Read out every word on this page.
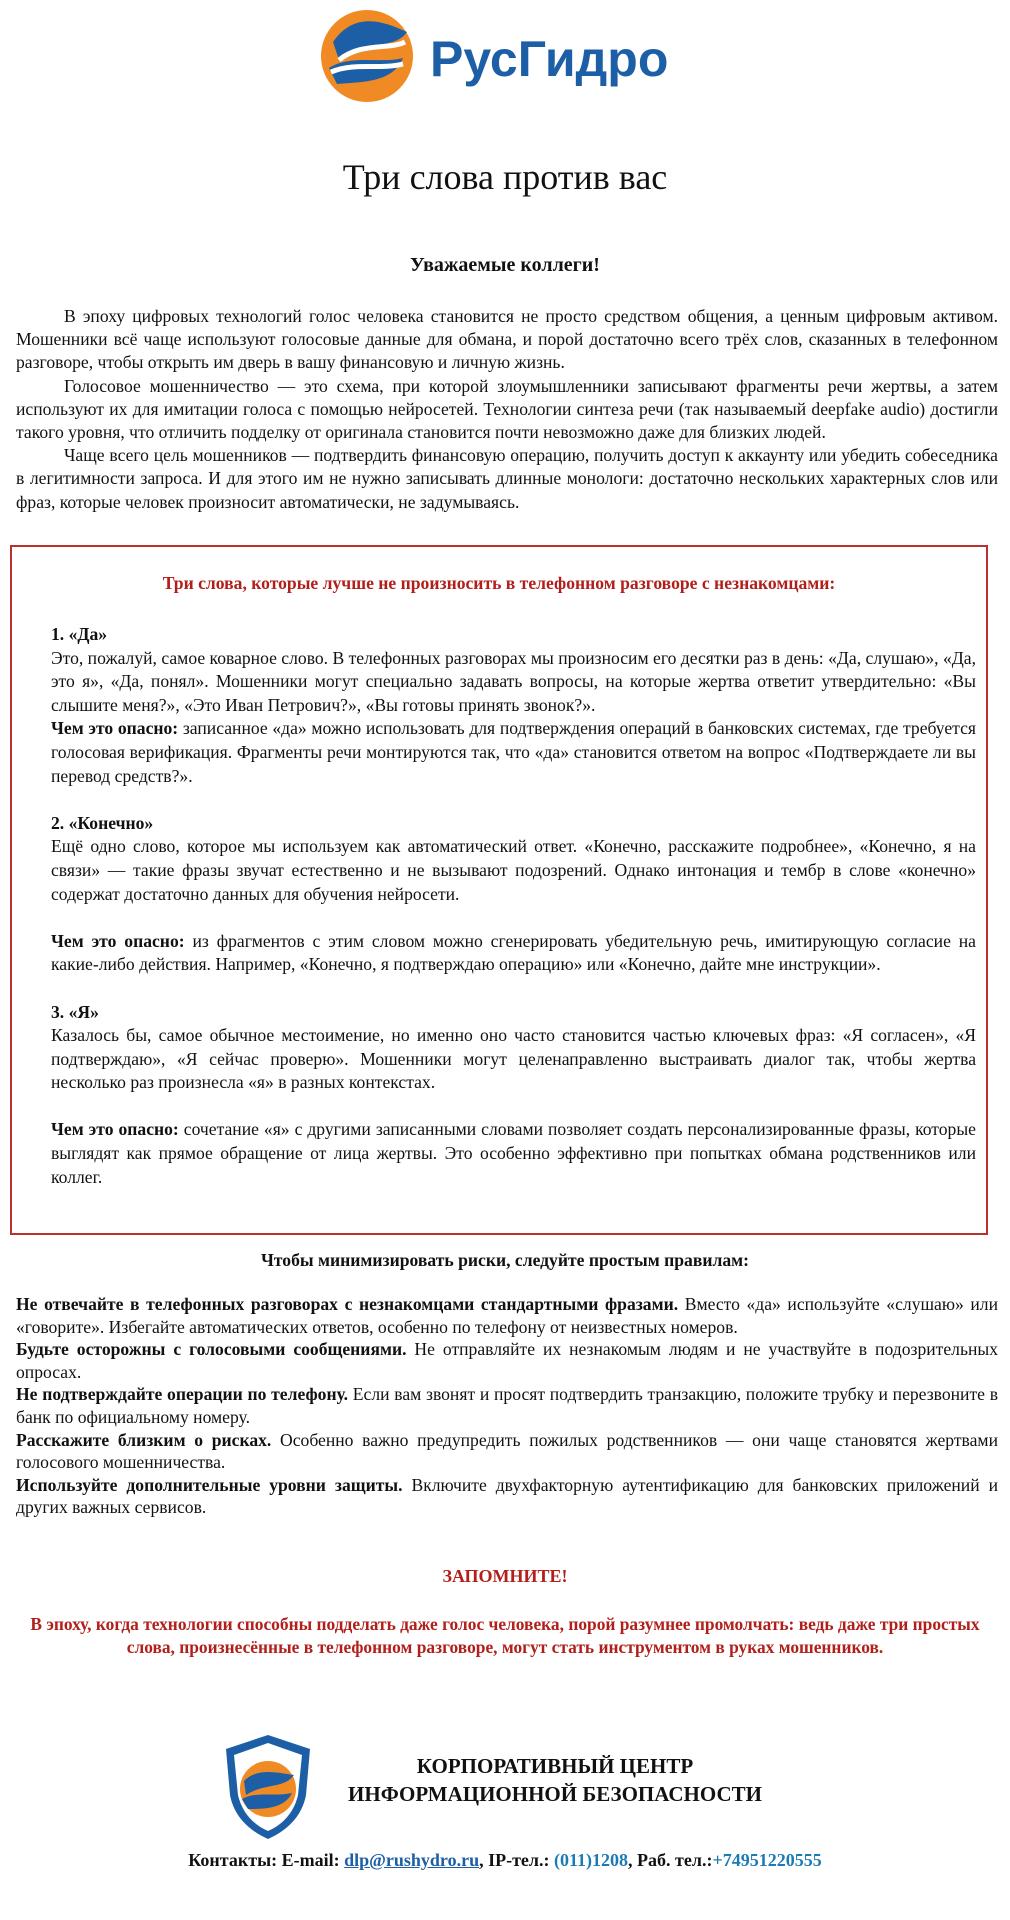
РусГидро
Три слова против вас

Уважаемые коллеги!

В эпоху цифровых технологий голос человека становится не просто средством общения, а ценным цифровым активом. Мошенники всё чаще используют голосовые данные для обмана, и порой достаточно всего трёх слов, сказанных в телефонном разговоре, чтобы открыть им дверь в вашу финансовую и личную жизнь.

Голосовое мошенничество — это схема, при которой злоумышленники записывают фрагменты речи жертвы, а затем используют их для имитации голоса с помощью нейросетей. Технологии синтеза речи (так называемый deepfake audio) достигли такого уровня, что отличить подделку от оригинала становится почти невозможно даже для близких людей.

Чаще всего цель мошенников — подтвердить финансовую операцию, получить доступ к аккаунту или убедить собеседника в легитимности запроса. И для этого им не нужно записывать длинные монологи: достаточно нескольких характерных слов или фраз, которые человек произносит автоматически, не задумываясь.

Три слова, которые лучше не произносить в телефонном разговоре с незнакомцами:

1. «Да»

Это, пожалуй, самое коварное слово. В телефонных разговорах мы произносим его десятки раз в день: «Да, слушаю», «Да, это я», «Да, понял». Мошенники могут специально задавать вопросы, на которые жертва ответит утвердительно: «Вы слышите меня?», «Это Иван Петрович?», «Вы готовы принять звонок?».

Чем это опасно: записанное «да» можно использовать для подтверждения операций в банковских системах, где требуется голосовая верификация. Фрагменты речи монтируются так, что «да» становится ответом на вопрос «Подтверждаете ли вы перевод средств?».

2. «Конечно»

Ещё одно слово, которое мы используем как автоматический ответ. «Конечно, расскажите подробнее», «Конечно, я на связи» — такие фразы звучат естественно и не вызывают подозрений. Однако интонация и тембр в слове «конечно» содержат достаточно данных для обучения нейросети.

Чем это опасно: из фрагментов с этим словом можно сгенерировать убедительную речь, имитирующую согласие на какие-либо действия. Например, «Конечно, я подтверждаю операцию» или «Конечно, дайте мне инструкции».

3. «Я»

Казалось бы, самое обычное местоимение, но именно оно часто становится частью ключевых фраз: «Я согласен», «Я подтверждаю», «Я сейчас проверю». Мошенники могут целенаправленно выстраивать диалог так, чтобы жертва несколько раз произнесла «я» в разных контекстах.

Чем это опасно: сочетание «я» с другими записанными словами позволяет создать персонализированные фразы, которые выглядят как прямое обращение от лица жертвы. Это особенно эффективно при попытках обмана родственников или коллег.

Чтобы минимизировать риски, следуйте простым правилам:

Не отвечайте в телефонных разговорах с незнакомцами стандартными фразами. Вместо «да» используйте «слушаю» или «говорите». Избегайте автоматических ответов, особенно по телефону от неизвестных номеров.

Будьте осторожны с голосовыми сообщениями. Не отправляйте их незнакомым людям и не участвуйте в подозрительных опросах.

Не подтверждайте операции по телефону. Если вам звонят и просят подтвердить транзакцию, положите трубку и перезвоните в банк по официальному номеру.

Расскажите близким о рисках. Особенно важно предупредить пожилых родственников — они чаще становятся жертвами голосового мошенничества.

Используйте дополнительные уровни защиты. Включите двухфакторную аутентификацию для банковских приложений и других важных сервисов.

ЗАПОМНИТЕ!

В эпоху, когда технологии способны подделать даже голос человека, порой разумнее промолчать: ведь даже три простых слова, произнесённые в телефонном разговоре, могут стать инструментом в руках мошенников.

КОРПОРАТИВНЫЙ ЦЕНТР
ИНФОРМАЦИОННОЙ БЕЗОПАСНОСТИ

Контакты: E-mail: dlp@rushydro.ru, IP-тел.: (011)1208, Раб. тел.:+74951220555
